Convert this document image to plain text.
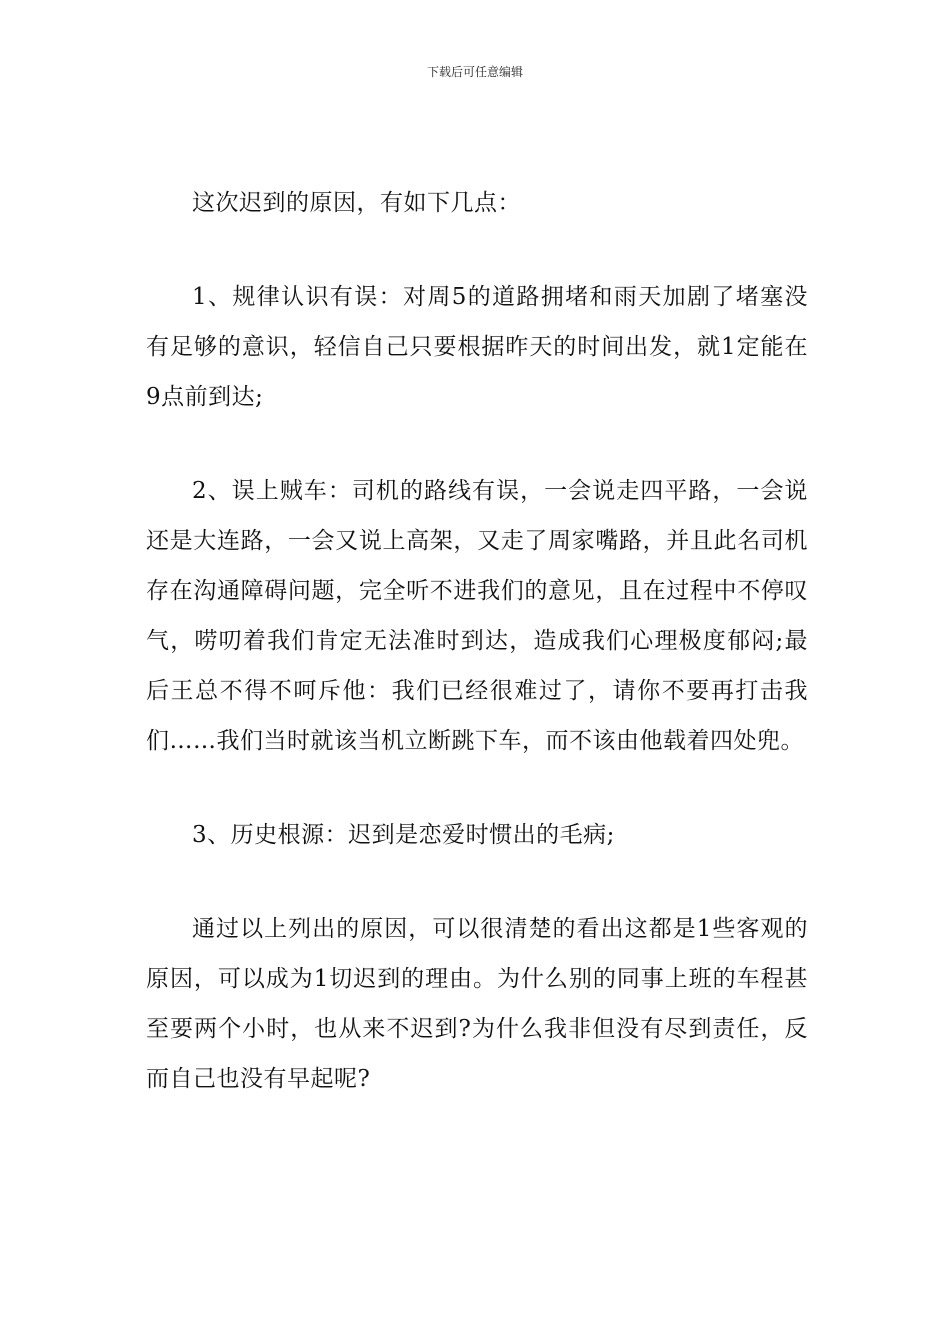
下载后可任意编辑

这次迟到的原因，有如下几点：

1、规律认识有误：对周5的道路拥堵和雨天加剧了堵塞没有足够的意识，轻信自己只要根据昨天的时间出发，就1定能在9点前到达;

2、误上贼车：司机的路线有误，一会说走四平路，一会说还是大连路，一会又说上高架，又走了周家嘴路，并且此名司机存在沟通障碍问题，完全听不进我们的意见，且在过程中不停叹气，唠叨着我们肯定无法准时到达，造成我们心理极度郁闷;最后王总不得不呵斥他：我们已经很难过了，请你不要再打击我们……我们当时就该当机立断跳下车，而不该由他载着四处兜。

3、历史根源：迟到是恋爱时惯出的毛病;

通过以上列出的原因，可以很清楚的看出这都是1些客观的原因，可以成为1切迟到的理由。为什么别的同事上班的车程甚至要两个小时，也从来不迟到?为什么我非但没有尽到责任，反而自己也没有早起呢?
